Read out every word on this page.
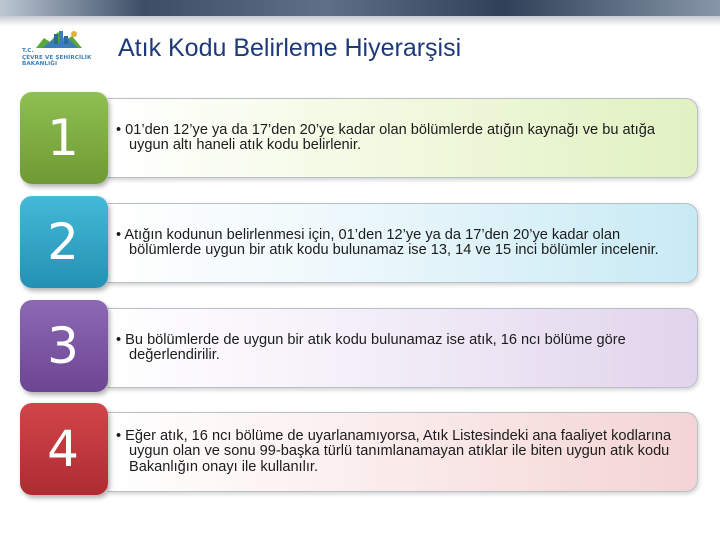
T.C.
ÇEVRE VE ŞEHİRCİLİK
BAKANLIĞI
Atık Kodu Belirleme Hiyerarşisi

• 01’den 12’ye ya da 17’den 20’ye kadar olan bölümlerde atığın kaynağı ve bu atığa uygun altı haneli atık kodu belirlenir.

1

• Atığın kodunun belirlenmesi için, 01’den 12’ye ya da 17’den 20’ye kadar olan bölümlerde uygun bir atık kodu bulunamaz ise 13, 14 ve 15 inci bölümler incelenir.

2

• Bu bölümlerde de uygun bir atık kodu bulunamaz ise atık, 16 ncı bölüme göre değerlendirilir.

3

• Eğer atık, 16 ncı bölüme de uyarlanamıyorsa, Atık Listesindeki ana faaliyet kodlarına uygun olan ve sonu 99-başka türlü tanımlanamayan atıklar ile biten uygun atık kodu Bakanlığın onayı ile kullanılır.

4
